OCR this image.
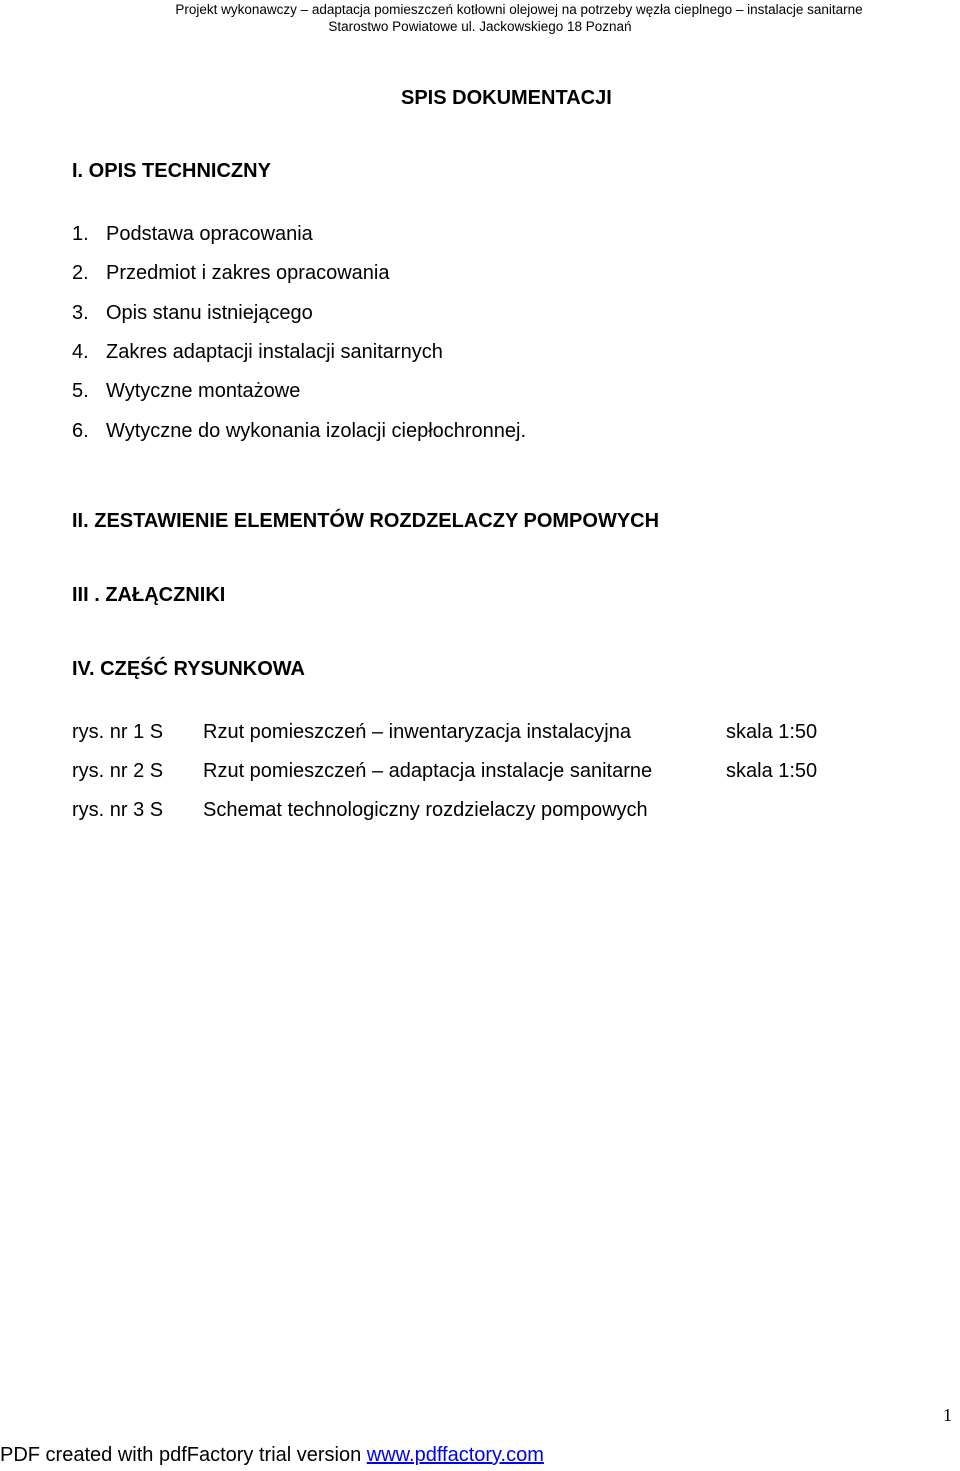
Projekt wykonawczy – adaptacja pomieszczeń kotłowni olejowej na potrzeby węzła cieplnego – instalacje sanitarne
Starostwo Powiatowe ul. Jackowskiego 18 Poznań
SPIS DOKUMENTACJI
I. OPIS TECHNICZNY
1. Podstawa opracowania
2. Przedmiot i zakres opracowania
3. Opis stanu istniejącego
4. Zakres adaptacji instalacji sanitarnych
5. Wytyczne montażowe
6. Wytyczne do wykonania izolacji ciepłochronnej.
II. ZESTAWIENIE ELEMENTÓW ROZDZELACZY POMPOWYCH
III . ZAŁĄCZNIKI
IV. CZĘŚĆ RYSUNKOWA
rys. nr 1 S Rzut pomieszczeń – inwentaryzacja instalacyjna	skala 1:50
rys. nr 2 S Rzut pomieszczeń – adaptacja instalacje sanitarne	skala 1:50
rys. nr 3 S Schemat technologiczny rozdzielaczy pompowych
1
PDF created with pdfFactory trial version www.pdffactory.com
